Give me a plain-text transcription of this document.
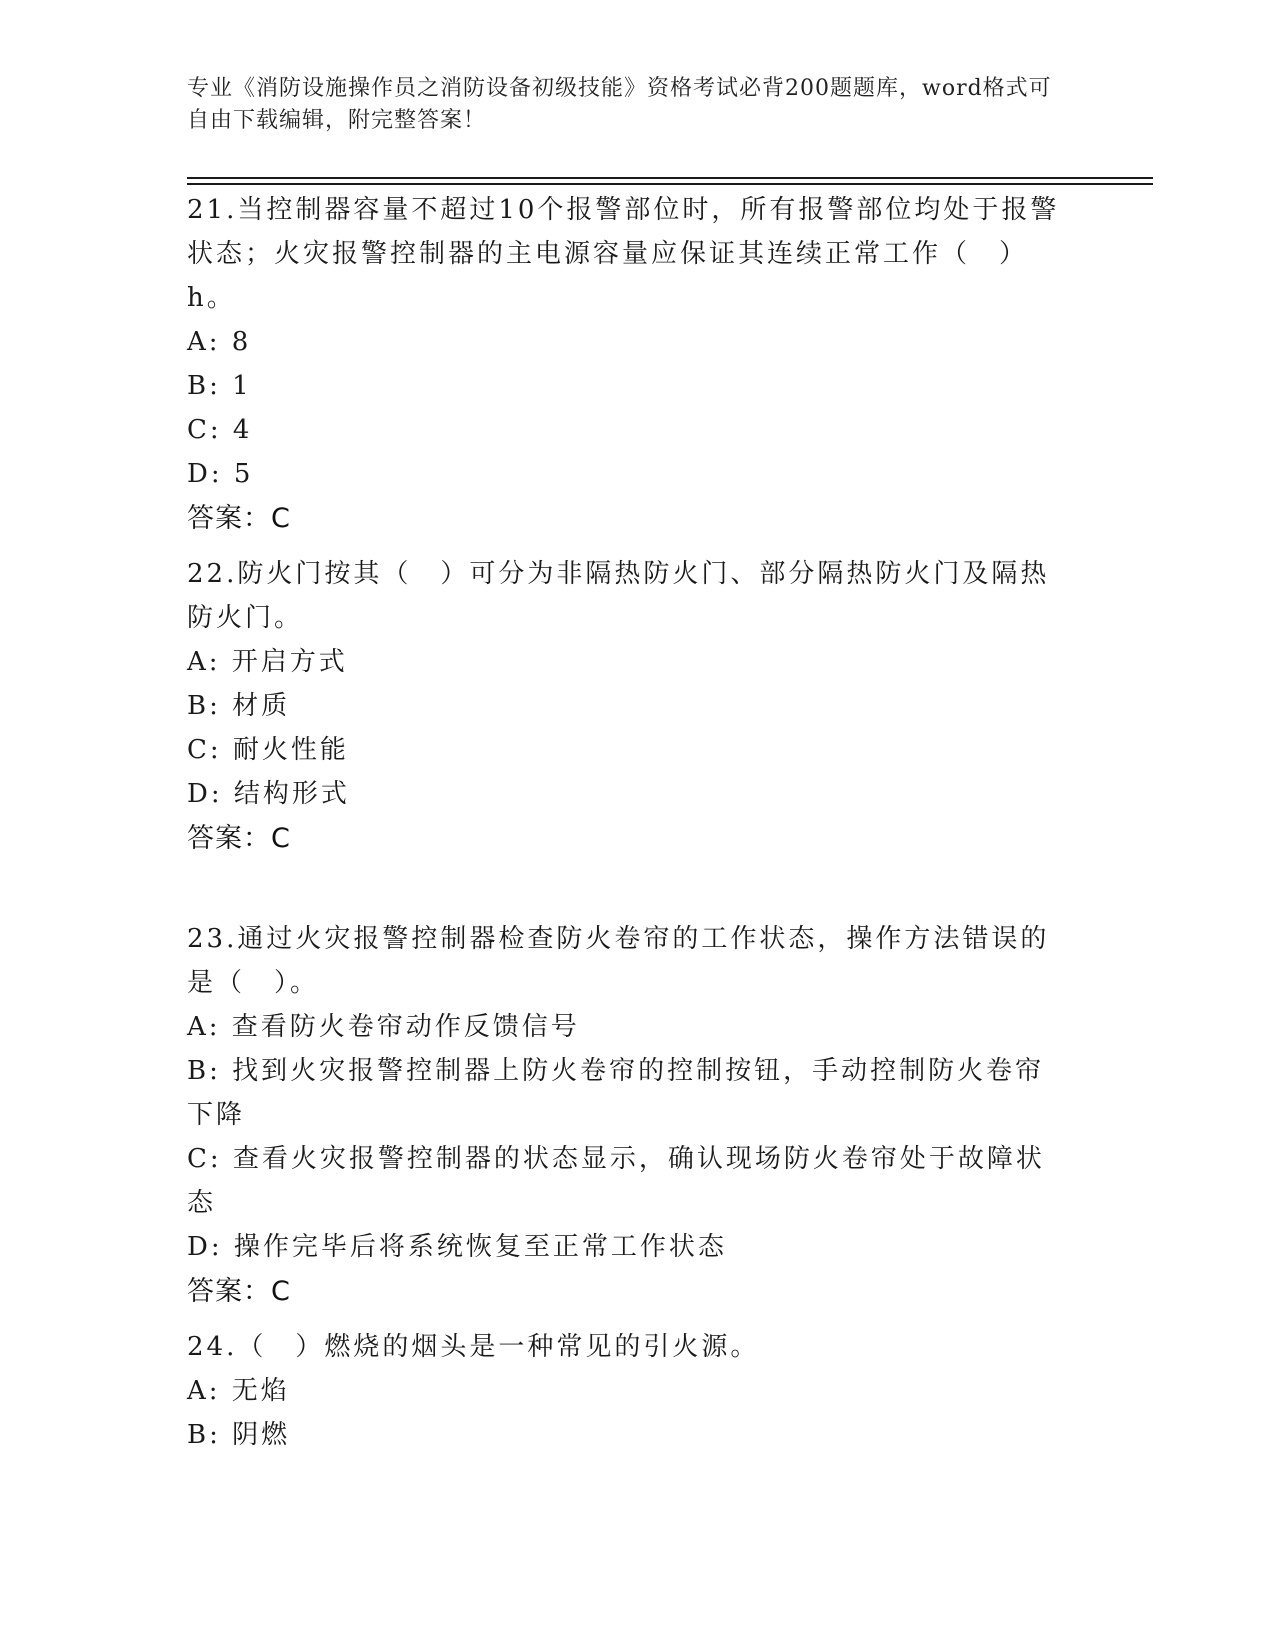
专业《消防设施操作员之消防设备初级技能》资格考试必背200题题库，word格式可自由下载编辑，附完整答案！

21.当控制器容量不超过10个报警部位时，所有报警部位均处于报警状态；火灾报警控制器的主电源容量应保证其连续正常工作（　）h。

A: 8

B: 1

C: 4

D: 5

答案：C

22.防火门按其（　）可分为非隔热防火门、部分隔热防火门及隔热防火门。

A: 开启方式

B: 材质

C: 耐火性能

D: 结构形式

答案：C

23.通过火灾报警控制器检查防火卷帘的工作状态，操作方法错误的是（　）。

A: 查看防火卷帘动作反馈信号

B: 找到火灾报警控制器上防火卷帘的控制按钮，手动控制防火卷帘下降

C: 查看火灾报警控制器的状态显示，确认现场防火卷帘处于故障状态

D: 操作完毕后将系统恢复至正常工作状态

答案：C

24.（　）燃烧的烟头是一种常见的引火源。

A: 无焰

B: 阴燃
